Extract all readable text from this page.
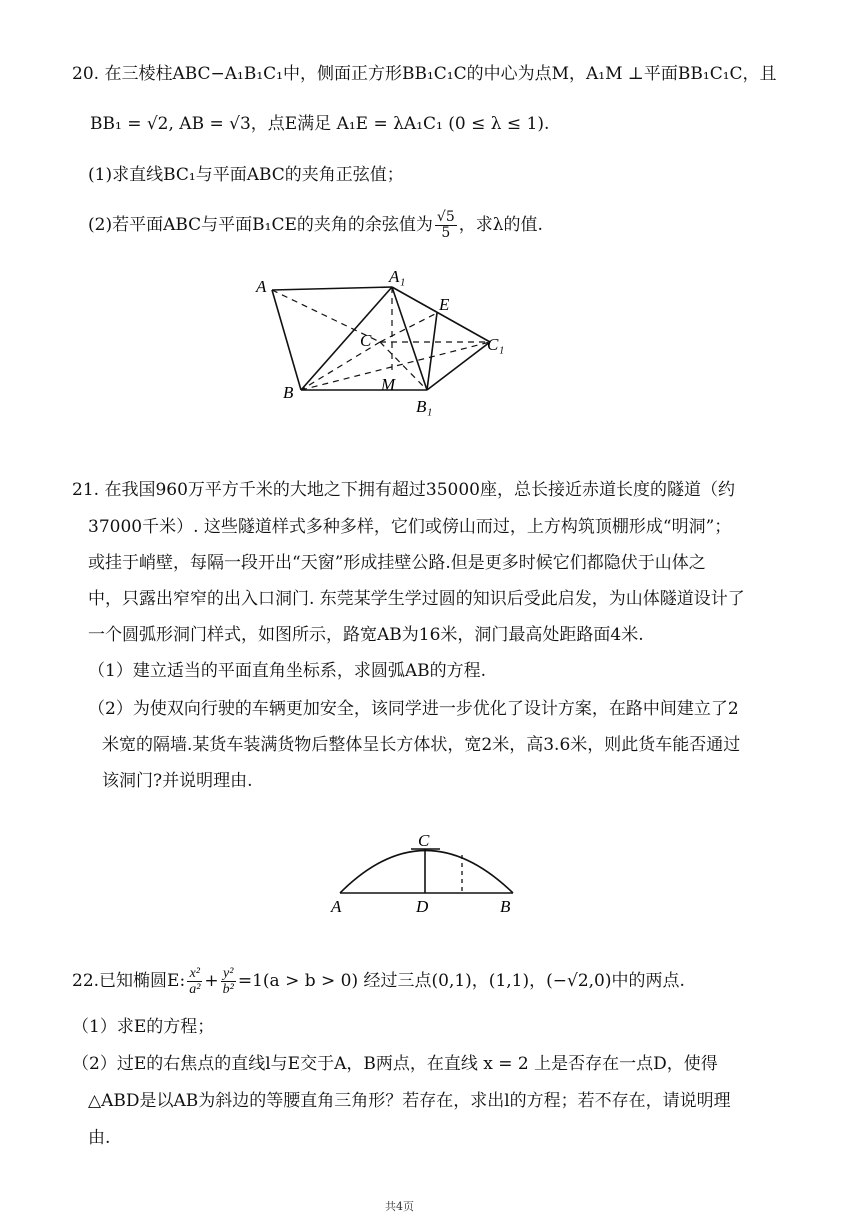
20. 在三棱柱ABC−A₁B₁C₁中，侧面正方形BB₁C₁C的中心为点M，A₁M ⊥平面BB₁C₁C，且
BB₁ = √2, AB = √3，点E满足 A₁E = λA₁C₁ (0 ≤ λ ≤ 1).
(1)求直线BC₁与平面ABC的夹角正弦值；
(2)若平面ABC与平面B₁CE的夹角的余弦值为 $\frac{√5}{5}$ ，求λ的值.
A
A₁
E
C	C₁
B	M
B₁
21. 在我国960万平方千米的大地之下拥有超过35000座，总长接近赤道长度的隧道（约
37000千米）. 这些隧道样式多种多样，它们或傍山而过，上方构筑顶棚形成“明洞”；
或挂于峭壁，每隔一段开出“天窗”形成挂壁公路.但是更多时候它们都隐伏于山体之
中，只露出窄窄的出入口洞门. 东莞某学生学过圆的知识后受此启发，为山体隧道设计了
一个圆弧形洞门样式，如图所示，路宽AB为16米，洞门最高处距路面4米.
（1）建立适当的平面直角坐标系，求圆弧AB的方程.
（2）为使双向行驶的车辆更加安全，该同学进一步优化了设计方案，在路中间建立了2
米宽的隔墙.某货车装满货物后整体呈长方体状，宽2米，高3.6米，则此货车能否通过
该洞门?并说明理由.
A	D	B
C
22.已知椭圆E: $\frac{\text{x²}}{\text{a²}} + \frac{\text{y²}}{\text{b²}} =1(a > b > 0)$ 经过三点(0,1)，(1,1)，(−√2,0)中的两点.
（1）求E的方程；
（2）过E的右焦点的直线l与E交于A，B两点，在直线 x = 2 上是否存在一点D，使得
△ABD是以AB为斜边的等腰直角三角形？若存在，求出l的方程；若不存在，请说明理
由.
共4页
